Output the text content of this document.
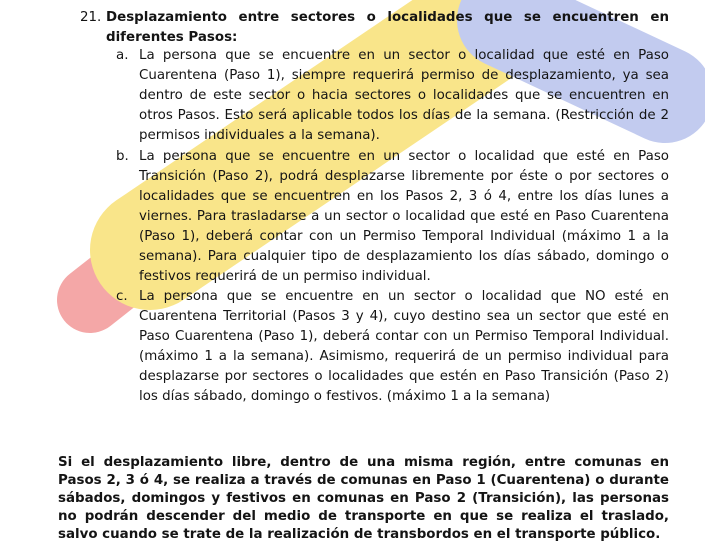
21. Desplazamiento entre sectores o localidades que se encuentren en diferentes Pasos:
a. La persona que se encuentre en un sector o localidad que esté en Paso Cuarentena (Paso 1), siempre requerirá permiso de desplazamiento, ya sea dentro de este sector o hacia sectores o localidades que se encuentren en otros Pasos. Esto será aplicable todos los días de la semana. (Restricción de 2 permisos individuales a la semana).
b. La persona que se encuentre en un sector o localidad que esté en Paso Transición (Paso 2), podrá desplazarse libremente por éste o por sectores o localidades que se encuentren en los Pasos 2, 3 ó 4, entre los días lunes a viernes. Para trasladarse a un sector o localidad que esté en Paso Cuarentena (Paso 1), deberá contar con un Permiso Temporal Individual (máximo 1 a la semana). Para cualquier tipo de desplazamiento los días sábado, domingo o festivos requerirá de un permiso individual.
c. La persona que se encuentre en un sector o localidad que NO esté en Cuarentena Territorial (Pasos 3 y 4), cuyo destino sea un sector que esté en Paso Cuarentena (Paso 1), deberá contar con un Permiso Temporal Individual. (máximo 1 a la semana). Asimismo, requerirá de un permiso individual para desplazarse por sectores o localidades que estén en Paso Transición (Paso 2) los días sábado, domingo o festivos. (máximo 1 a la semana)
Si el desplazamiento libre, dentro de una misma región, entre comunas en Pasos 2, 3 ó 4, se realiza a través de comunas en Paso 1 (Cuarentena) o durante sábados, domingos y festivos en comunas en Paso 2 (Transición), las personas no podrán descender del medio de transporte en que se realiza el traslado, salvo cuando se trate de la realización de transbordos en el transporte público.
